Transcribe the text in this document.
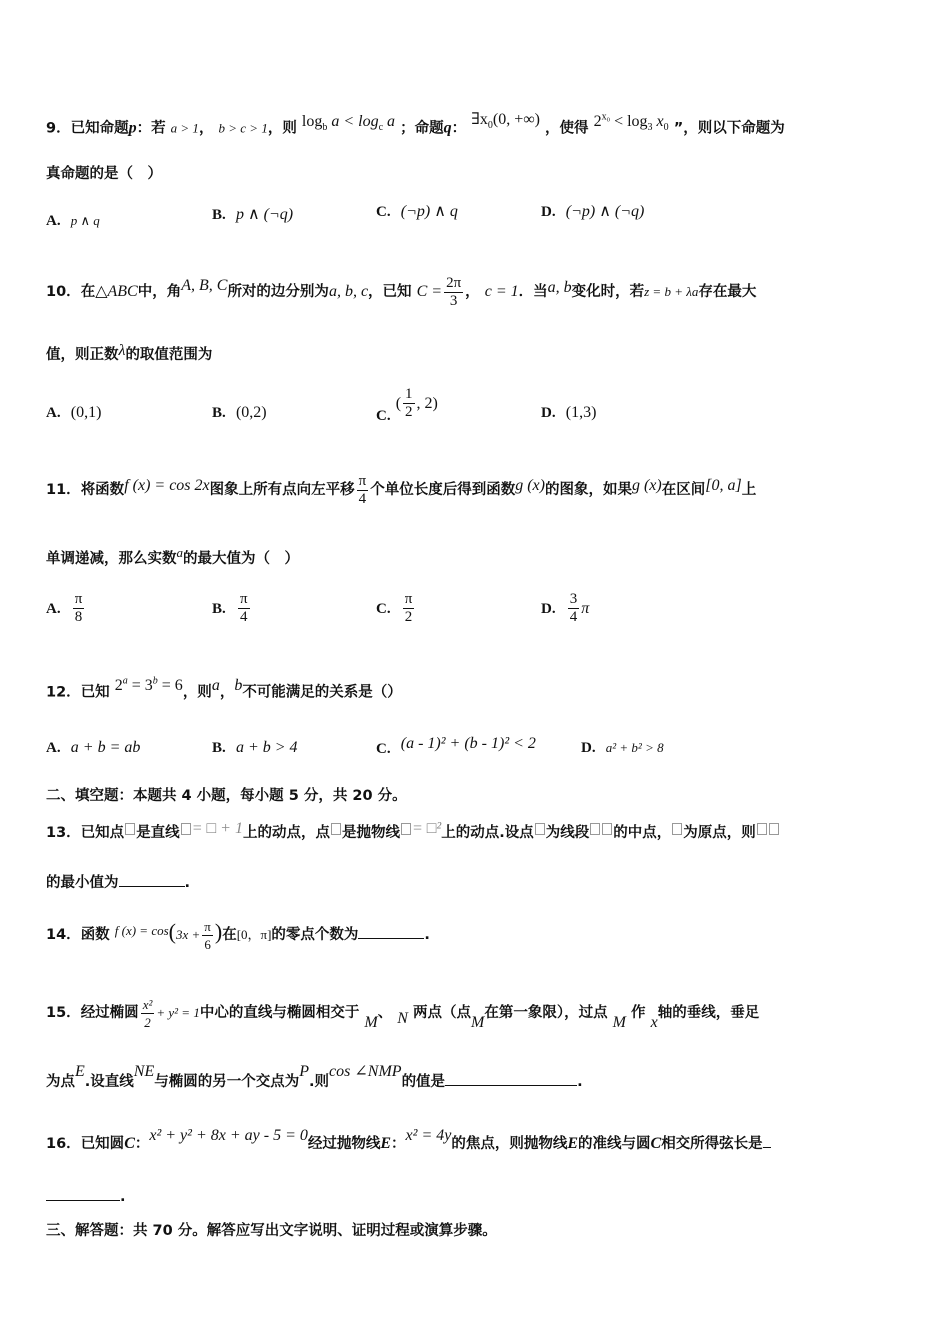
9．已知命题p：若 a > 1， b > c > 1，则 $\log_b a < \log_c a$ ；命题q： $\exists x_0(0$, +∞) ，使得 $2^{x_0} < \log_3 x_0$ ”，则以下命题为
真命题的是（　）
A. p ∧ q	B. p ∧ (¬q)	C. (¬p) ∧ q	D. (¬p) ∧ (¬q)
10．在△ABC中，角A, B, C所对的边分别为a, b, c，已知 $C = \frac{2\pi}{3}$ ， c = 1．当a, b变化时，若z = b + λa存在最大
值，则正数λ的取值范围为
A. (0,1)	B. (0,2)	C. ( $\frac{1}{2}$ , 2)
D. (1,3)
11．将函数f (x) = cos 2x图象上所有点向左平移 $\frac{\pi}{4}$ 个单位长度后得到函数g (x)的图象，如果g (x)在区间[0, a]上
单调递减，那么实数a的最大值为（　）
A. $\frac{\pi}{8}$	B. $\frac{\pi}{4}$	C. $\frac{\pi}{2}$	D. $\frac{3}{4}$ π
12．已知 $2^a = 3^b = 6$，则a，b不可能满足的关系是（）
A. a + b = ab	B. a + b > 4	C. (a - 1)² + (b - 1)² < 2	D. a² + b² > 8
二、填空题：本题共 4 小题，每小题 5 分，共 20 分。
13．已知点 是直线 = □ + 1上的动点，点 是抛物线 = □²上的动点.设点 为线段 的中点， 为原点，则
的最小值为	.
14．函数 f $(x) = \cos(3x + \frac{\pi}{6}$ )在[0，π]的零点个数为	.
15．经过椭圆 $\frac{\text{x²}}{2} + y^2 = 1$中心的直线与椭圆相交于 M、 N 两点（点M在第一象限），过点 M 作 x轴的垂线，垂足
为点E.设直线NE与椭圆的另一个交点为P.则cos ∠NMP的值是	.
16．已知圆C：x² + y² + 8x + ay - 5 = 0经过抛物线E：x² = 4y的焦点，则抛物线E的准线与圆C相交所得弦长是
.
三、解答题：共 70 分。解答应写出文字说明、证明过程或演算步骤。
